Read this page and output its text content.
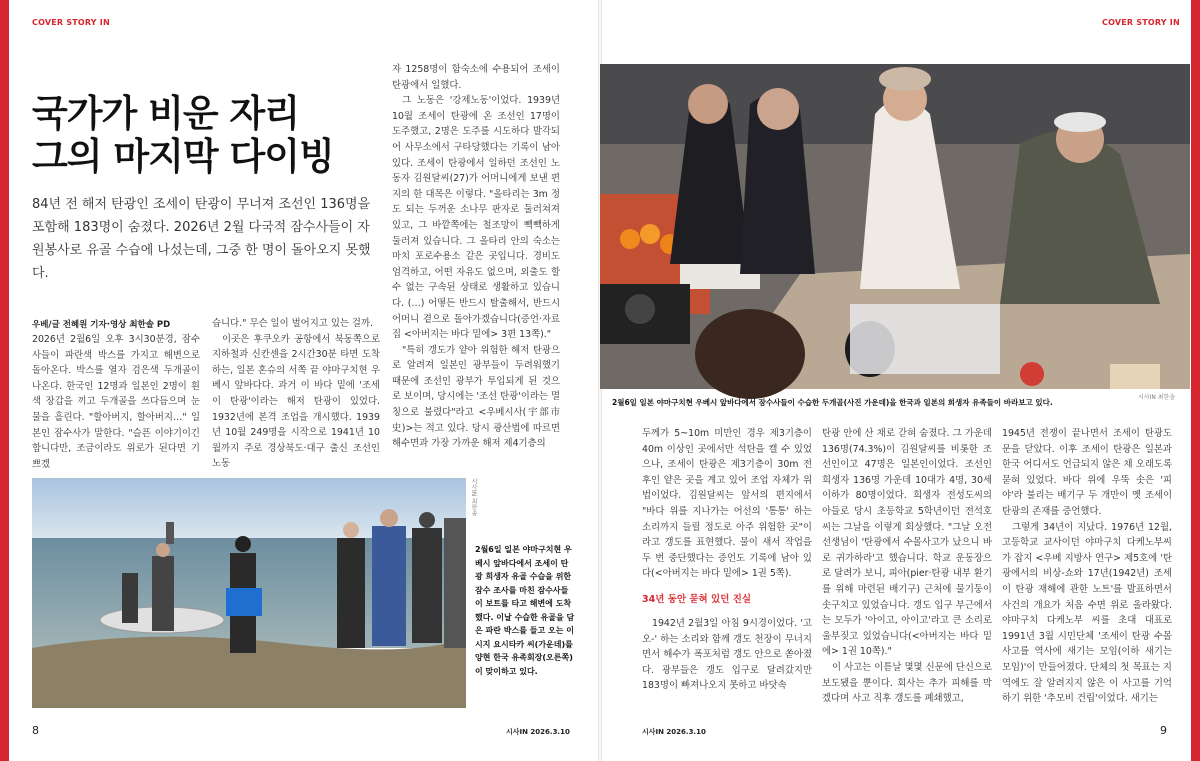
COVER STORY IN	COVER STORY IN
국가가 비운 자리
그의 마지막 다이빙
84년 전 해저 탄광인 조세이 탄광이 무너져 조선인 136명을 포함해 183명이 숨졌다. 2026년 2월 다국적 잠수사들이 자원봉사로 유골 수습에 나섰는데, 그중 한 명이 돌아오지 못했다.
우베/글 전혜원 기자·영상 최한솔 PD

2026년 2월6일 오후 3시30분경, 잠수사들이 파란색 박스를 가지고 해변으로 돌아온다. 박스를 열자 검은색 두개골이 나온다. 한국인 12명과 일본인 2명이 흰색 장갑을 끼고 두개골을 쓰다듬으며 눈물을 흘린다. "할아버지, 할아버지…" 일본인 잠수사가 말한다. "슬픈 이야기이긴 합니다만, 조금이라도 위로가 된다면 기쁘겠

습니다." 무슨 일이 벌어지고 있는 걸까.

이곳은 후쿠오카 공항에서 북동쪽으로 지하철과 신칸센을 2시간30분 타면 도착하는, 일본 혼슈의 서쪽 끝 야마구치현 우베시 앞바다다. 과거 이 바다 밑에 '조세이 탄광'이라는 해저 탄광이 있었다. 1932년에 본격 조업을 개시했다. 1939년 10월 249명을 시작으로 1941년 10월까지 주로 경상북도·대구 출신 조선인 노동

자 1258명이 함숙소에 수용되어 조세이 탄광에서 일했다.

그 노동은 '강제노동'이었다. 1939년 10월 조세이 탄광에 온 조선인 17명이 도주했고, 2명은 도주를 시도하다 발각되어 사무소에서 구타당했다는 기록이 남아 있다. 조세이 탄광에서 일하던 조선인 노동자 김원달씨(27)가 어머니에게 보낸 편지의 한 대목은 이렇다. "올타리는 3m 정도 되는 두꺼운 소나무 판자로 둘러쳐져 있고, 그 바깥쪽에는 철조망이 빽빽하게 둘러져 있습니다. 그 올타리 안의 숙소는 마치 포로수용소 같은 곳입니다. 경비도 엄격하고, 어떤 자유도 없으며, 외출도 할 수 없는 구속된 상태로 생활하고 있습니다. (…) 어떻든 반드시 탈출해서, 반드시 어머니 곁으로 돌아가겠습니다(증언·자료집 <아버지는 바다 밑에> 3편 13쪽)."

"특히 갱도가 얕아 위험한 해저 탄광으로 알려져 일본인 광부들이 두려워했기 때문에 조선인 광부가 투입되게 된 것으로 보이며, 당시에는 '조선 탄광'이라는 멸칭으로 불렸다"라고 <우베시사(宇部市史)>는 적고 있다. 당시 광산법에 따르면 해수면과 가장 가까운 해저 제4기층의

시사IN 최한솔
2월6일 일본 야마구치현 우베시 앞바다에서 조세이 탄광 희생자 유골 수습을 위한 잠수 조사를 마친 잠수사들이 보트를 타고 해변에 도착했다. 이날 수습한 유골을 담은 파란 박스를 들고 오는 이시지 요시타카 씨(가운데)를 양현 한국 유족회장(오른쪽)이 맞이하고 있다.
2월6일 일본 야마구치현 우베시 앞바다에서 잠수사들이 수습한 두개골(사진 가운데)을 한국과 일본의 희생자 유족들이 바라보고 있다.
시사IN 최한솔

두께가 5~10m 미만인 경우 제3기층이 40m 이상인 곳에서만 석탄을 캘 수 있었으나, 조세이 탄광은 제3기층이 30m 전후인 얕은 곳을 계고 있어 조업 자체가 위법이었다. 김원달씨는 앞서의 편지에서 "바다 위를 지나가는 어선의 '통통' 하는 소리까지 들릴 정도로 아주 위험한 곳"이라고 갱도를 표현했다. 물이 새서 작업을 두 번 중단했다는 증언도 기록에 남아 있다(<아버지는 바다 밑에> 1권 5쪽).

34년 동안 묻혀 있던 진실

1942년 2월3일 아침 9시경이었다. '고오-' 하는 소리와 함께 갱도 천장이 무너지면서 해수가 폭포처럼 갱도 안으로 쏟아졌다. 광부들은 갱도 입구로 달려갔지만 183명이 빠져나오지 못하고 바닷속

탄광 안에 산 채로 갇혀 숨졌다. 그 가운데 136명(74.3%)이 김원달씨를 비롯한 조선인이고 47명은 일본인이었다. 조선인 희생자 136명 가운데 10대가 4명, 30세 이하가 80명이었다. 희생자 전성도씨의 아들로 당시 초등학교 5학년이던 전석호씨는 그날을 이렇게 회상했다. "그날 오전 선생님이 '탄광에서 수몰사고가 났으니 바로 귀가하라'고 했습니다. 학교 운동장으로 달려가 보니, 피아(pier·탄광 내부 환기를 위해 마련된 배기구) 근처에 물기둥이 솟구치고 있었습니다. 갱도 입구 부근에서는 모두가 '아이고, 아이고'라고 큰 소리로 울부짖고 있었습니다(<아버지는 바다 밑에> 1권 10쪽)."

이 사고는 이튿날 몇몇 신문에 단신으로 보도됐을 뿐이다. 회사는 추가 피해를 막겠다며 사고 직후 갱도를 폐쇄했고,

1945년 전쟁이 끝나면서 조세이 탄광도 문을 닫았다. 이후 조세이 탄광은 일본과 한국 어디서도 언급되지 않은 채 오래도록 묻혀 있었다. 바다 위에 우뚝 솟은 '피야'라 불리는 배기구 두 개만이 옛 조세이 탄광의 존재를 증언했다.

그렇게 34년이 지났다. 1976년 12월, 고등학교 교사이던 야마구치 다케노부씨가 잡지 <우베 지방사 연구> 제5호에 '탄광에서의 비상-쇼와 17년(1942년) 조세이 탄광 재해에 관한 노트'를 발표하면서 사건의 개요가 처음 수면 위로 올라왔다. 야마구치 다케노부 씨를 초대 대표로 1991년 3월 시민단체 '조세이 탄광 수몰사고를 역사에 새기는 모임(이하 새기는 모임)'이 만들어졌다. 단체의 첫 목표는 지역에도 잘 알려지지 않은 이 사고를 기억하기 위한 '추모비 건립'이었다. 새기는

8	시사IN 2026.3.10	시사IN 2026.3.10	9
